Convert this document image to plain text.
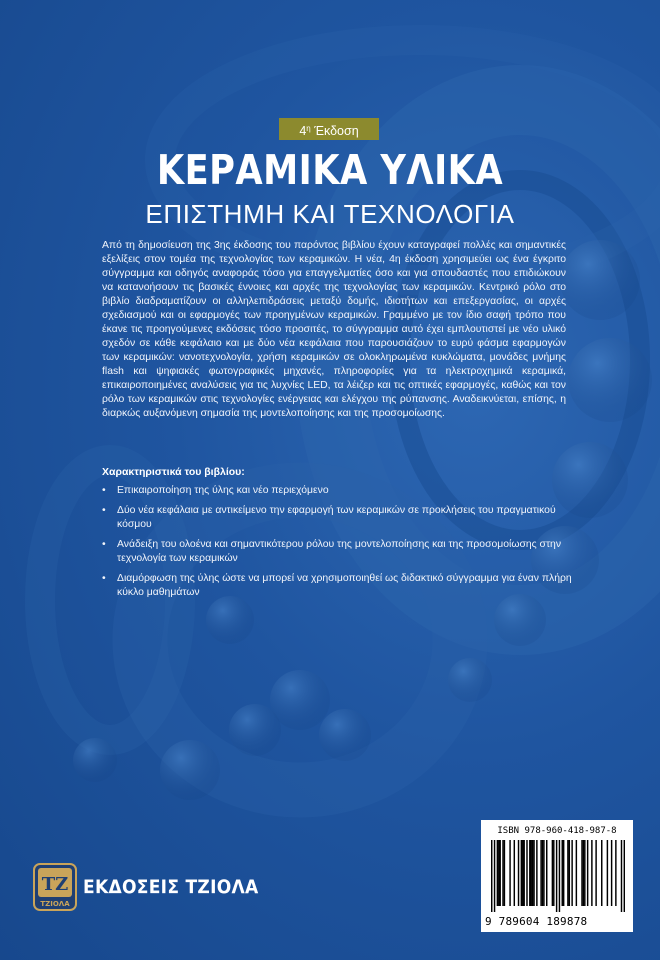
$4^\eta$ Έκδοση
ΚΕΡΑΜΙΚΑ ΥΛΙΚΑ
ΕΠΙΣΤΗΜΗ ΚΑΙ ΤΕΧΝΟΛΟΓΙΑ

Από τη δημοσίευση της 3ης έκδοσης του παρόντος βιβλίου έχουν καταγραφεί πολλές και σημαντικές εξελίξεις στον τομέα της τεχνολογίας των κεραμικών. Η νέα, 4η έκδοση χρησιμεύει ως ένα έγκριτο σύγγραμμα και οδηγός αναφοράς τόσο για επαγγελματίες όσο και για σπουδαστές που επιδιώκουν να κατανοήσουν τις βασικές έννοιες και αρχές της τεχνολογίας των κεραμικών. Κεντρικό ρόλο στο βιβλίο διαδραματίζουν οι αλληλεπιδράσεις μεταξύ δομής, ιδιοτήτων και επεξεργασίας, οι αρχές σχεδιασμού και οι εφαρμογές των προηγμένων κεραμικών. Γραμμένο με τον ίδιο σαφή τρόπο που έκανε τις προηγούμενες εκδόσεις τόσο προσιτές, το σύγγραμμα αυτό έχει εμπλουτιστεί με νέο υλικό σχεδόν σε κάθε κεφάλαιο και με δύο νέα κεφάλαια που παρουσιάζουν το ευρύ φάσμα εφαρμογών των κεραμικών: νανοτεχνολογία, χρήση κεραμικών σε ολοκληρωμένα κυκλώματα, μονάδες μνήμης flash και ψηφιακές φωτογραφικές μηχανές, πληροφορίες για τα ηλεκτροχημικά κεραμικά, επικαιροποιημένες αναλύσεις για τις λυχνίες LED, τα λέιζερ και τις οπτικές εφαρμογές, καθώς και τον ρόλο των κεραμικών στις τεχνολογίες ενέργειας και ελέγχου της ρύπανσης. Αναδεικνύεται, επίσης, η διαρκώς αυξανόμενη σημασία της μοντελοποίησης και της προσομοίωσης.

Χαρακτηριστικά του βιβλίου:

• Επικαιροποίηση της ύλης και νέο περιεχόμενο
• Δύο νέα κεφάλαια με αντικείμενο την εφαρμογή των κεραμικών σε προκλήσεις του πραγματικού κόσμου
• Ανάδειξη του ολοένα και σημαντικότερου ρόλου της μοντελοποίησης και της προσομοίωσης στην τεχνολογία των κεραμικών
• Διαμόρφωση της ύλης ώστε να μπορεί να χρησιμοποιηθεί ως διδακτικό σύγγραμμα για έναν πλήρη κύκλο μαθημάτων
ΤΖ
ΤΖΙΟΛΑ
ΕΚΔΟΣΕΙΣ ΤΖΙΟΛΑ
ISBN 978-960-418-987-8
9 789604 189878
